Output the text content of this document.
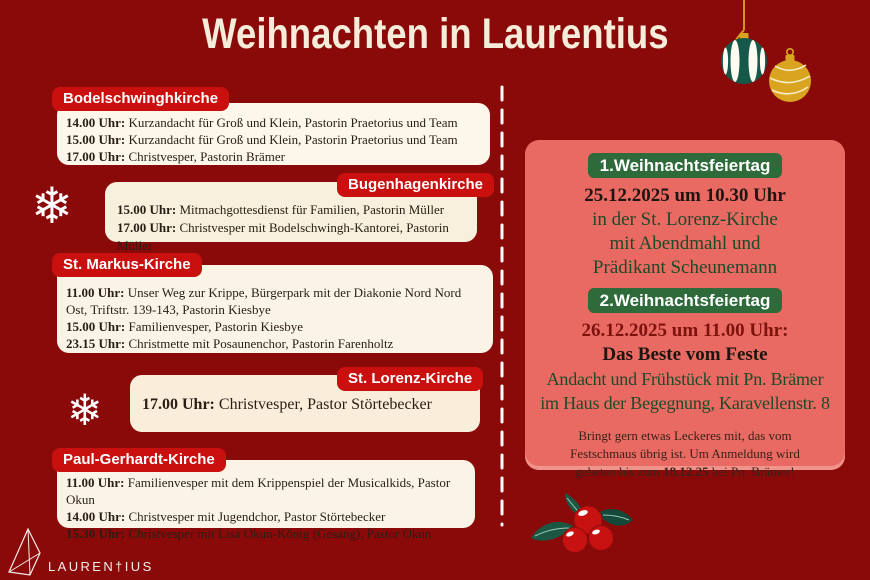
Weihnachten in Laurentius
❄
❄
Bodelschwinghkirche
14.00 Uhr: Kurzandacht für Groß und Klein, Pastorin Praetorius und Team
15.00 Uhr: Kurzandacht für Groß und Klein, Pastorin Praetorius und Team
17.00 Uhr: Christvesper, Pastorin Brämer
Bugenhagenkirche
15.00 Uhr: Mitmachgottesdienst für Familien, Pastorin Müller
17.00 Uhr: Christvesper mit Bodelschwingh-Kantorei, Pastorin Müller
St. Markus-Kirche
11.00 Uhr: Unser Weg zur Krippe, Bürgerpark mit der Diakonie Nord Nord Ost, Triftstr. 139-143, Pastorin Kiesbye
15.00 Uhr: Familienvesper, Pastorin Kiesbye
23.15 Uhr: Christmette mit Posaunenchor, Pastorin Farenholtz
St. Lorenz-Kirche
17.00 Uhr: Christvesper, Pastor Störtebecker
Paul-Gerhardt-Kirche
11.00 Uhr: Familienvesper mit dem Krippenspiel der Musicalkids, Pastor Okun
14.00 Uhr: Christvesper mit Jugendchor, Pastor Störtebecker
15.30 Uhr: Christvesper mit Lisa Okun-König (Gesang), Pastor Okun
1.Weihnachtsfeiertag
25.12.2025 um 10.30 Uhr
in der St. Lorenz-Kirche
mit Abendmahl und
Prädikant Scheunemann
2.Weihnachtsfeiertag
26.12.2025 um 11.00 Uhr:
Das Beste vom Feste
Andacht und Frühstück mit Pn. Brämer
im Haus der Begegnung, Karavellenstr. 8
Bringt gern etwas Leckeres mit, das vom Festschmaus übrig ist. Um Anmeldung wird gebeten bis zum 18.12.25 bei Pn. Brämer!
LAUREN†IUS
